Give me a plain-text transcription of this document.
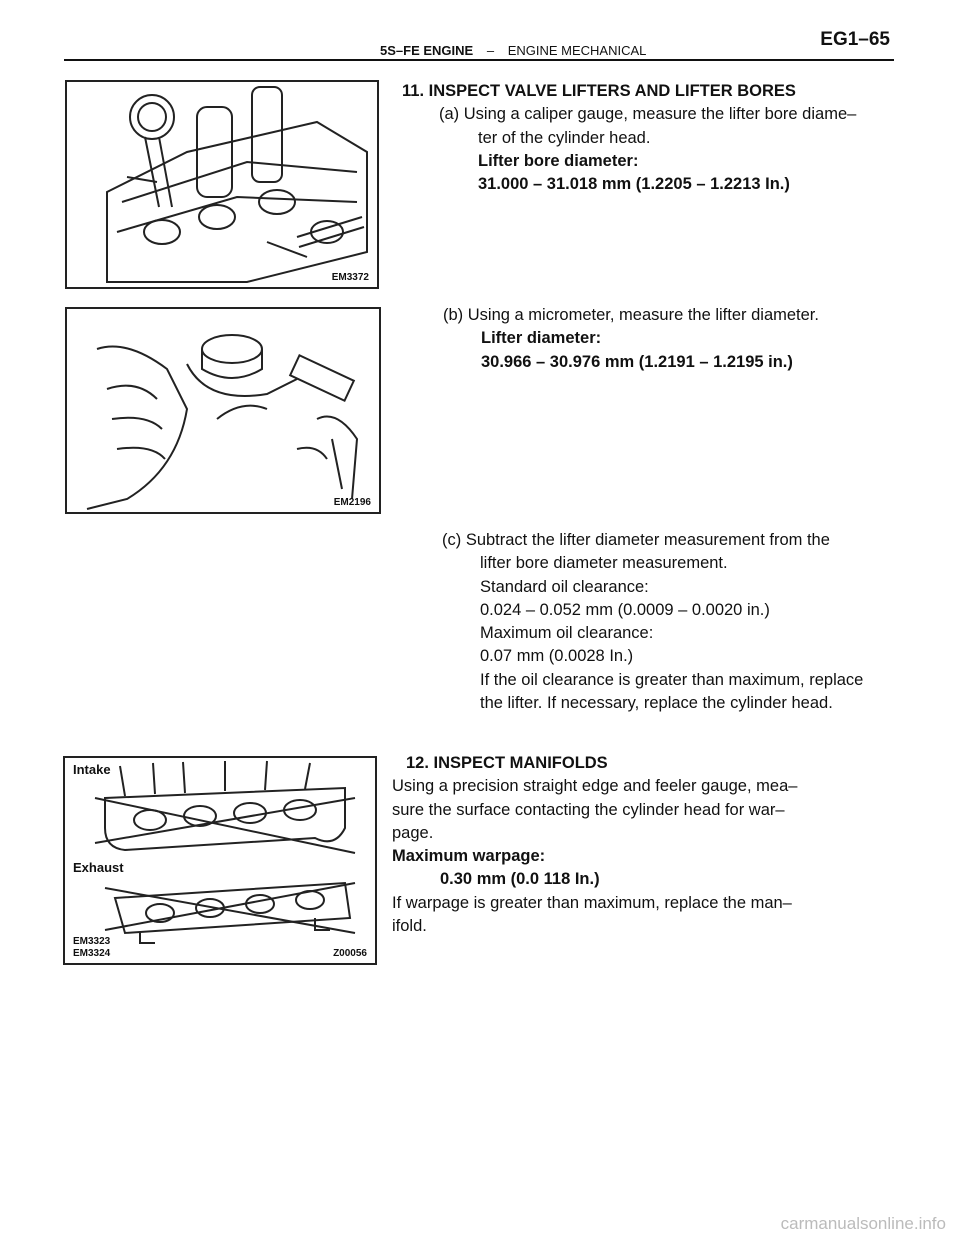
5S–FE ENGINE – ENGINE MECHANICAL
EG1–65
EM3372
EM2196
Intake
Exhaust
EM3323
EM3324	Z00056
11. INSPECT VALVE LIFTERS AND LIFTER BORES
(a) Using a caliper gauge, measure the lifter bore diame–
ter of the cylinder head.
Lifter bore diameter:
31.000 – 31.018 mm (1.2205 – 1.2213 In.)
(b) Using a micrometer, measure the lifter diameter.
Lifter diameter:
30.966 – 30.976 mm (1.2191 – 1.2195 in.)
(c) Subtract the lifter diameter measurement from the
lifter bore diameter measurement.
Standard oil clearance:
0.024 – 0.052 mm (0.0009 – 0.0020 in.)
Maximum oil clearance:
0.07 mm (0.0028 In.)
If the oil clearance is greater than maximum, replace
the lifter. If necessary, replace the cylinder head.
12. INSPECT MANIFOLDS
Using a precision straight edge and feeler gauge, mea–
sure the surface contacting the cylinder head for war–
page.
Maximum warpage:
0.30 mm (0.0 118 In.)
If warpage is greater than maximum, replace the man–
ifold.
carmanualsonline.info
